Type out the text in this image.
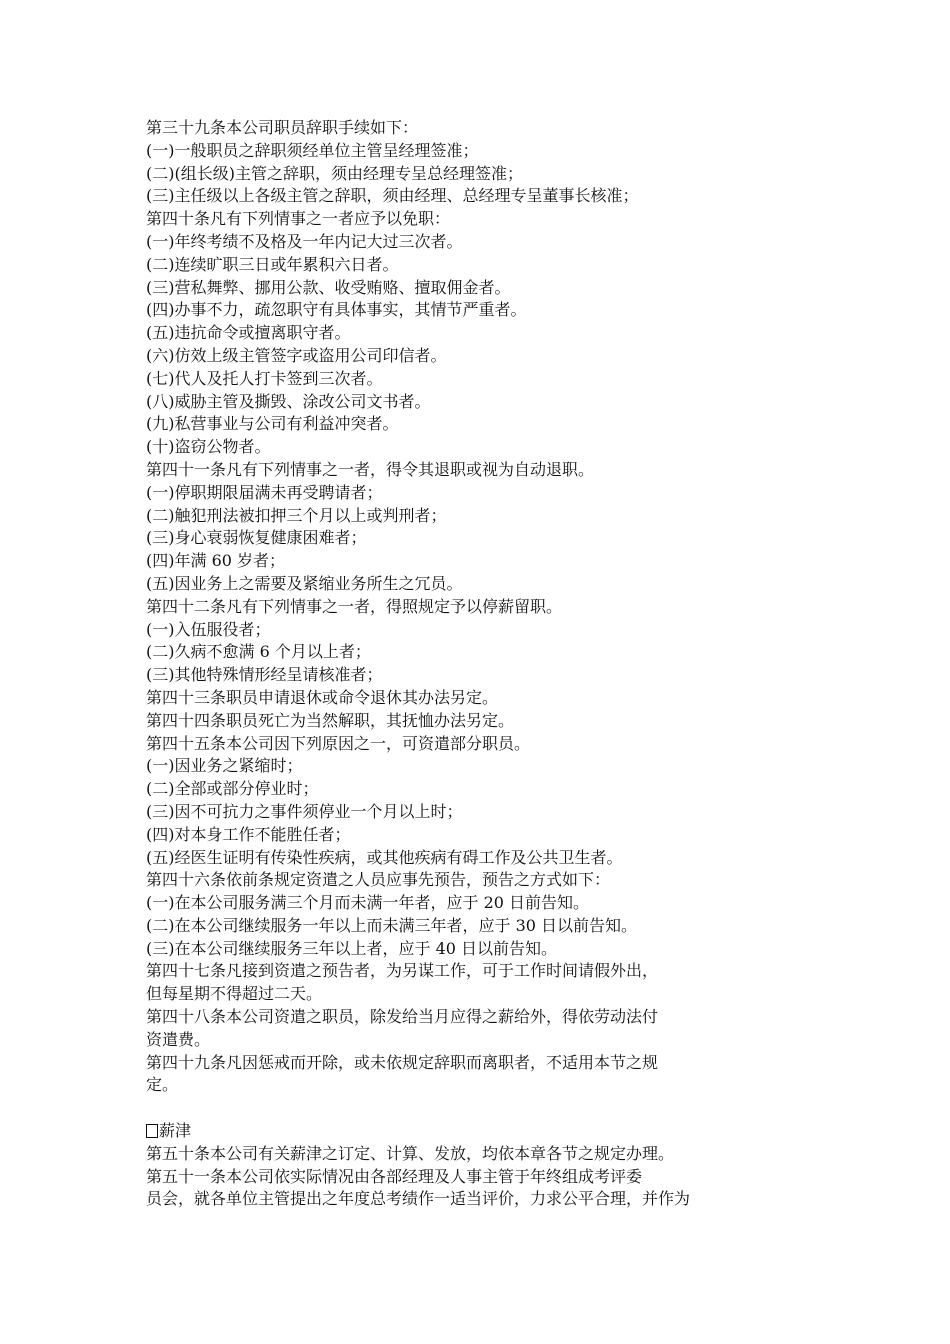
第三十九条本公司职员辞职手续如下：
(一)一般职员之辞职须经单位主管呈经理签准；
(二)(组长级)主管之辞职，须由经理专呈总经理签准；
(三)主任级以上各级主管之辞职，须由经理、总经理专呈董事长核准；
第四十条凡有下列情事之一者应予以免职：
(一)年终考绩不及格及一年内记大过三次者。
(二)连续旷职三日或年累积六日者。
(三)营私舞弊、挪用公款、收受贿赂、擅取佣金者。
(四)办事不力，疏忽职守有具体事实，其情节严重者。
(五)违抗命令或擅离职守者。
(六)仿效上级主管签字或盗用公司印信者。
(七)代人及托人打卡签到三次者。
(八)威胁主管及撕毁、涂改公司文书者。
(九)私营事业与公司有利益冲突者。
(十)盗窃公物者。
第四十一条凡有下列情事之一者，得令其退职或视为自动退职。
(一)停职期限届满未再受聘请者；
(二)触犯刑法被扣押三个月以上或判刑者；
(三)身心衰弱恢复健康困难者；
(四)年满 60 岁者；
(五)因业务上之需要及紧缩业务所生之冗员。
第四十二条凡有下列情事之一者，得照规定予以停薪留职。
(一)入伍服役者；
(二)久病不愈满 6 个月以上者；
(三)其他特殊情形经呈请核准者；
第四十三条职员申请退休或命令退休其办法另定。
第四十四条职员死亡为当然解职，其抚恤办法另定。
第四十五条本公司因下列原因之一，可资遣部分职员。
(一)因业务之紧缩时；
(二)全部或部分停业时；
(三)因不可抗力之事件须停业一个月以上时；
(四)对本身工作不能胜任者；
(五)经医生证明有传染性疾病，或其他疾病有碍工作及公共卫生者。
第四十六条依前条规定资遣之人员应事先预告，预告之方式如下：
(一)在本公司服务满三个月而未满一年者，应于 20 日前告知。
(二)在本公司继续服务一年以上而未满三年者，应于 30 日以前告知。
(三)在本公司继续服务三年以上者，应于 40 日以前告知。
第四十七条凡接到资遣之预告者，为另谋工作，可于工作时间请假外出，
但每星期不得超过二天。
第四十八条本公司资遣之职员，除发给当月应得之薪给外，得依劳动法付
资遣费。
第四十九条凡因惩戒而开除，或未依规定辞职而离职者，不适用本节之规
定。
薪津
第五十条本公司有关薪津之订定、计算、发放，均依本章各节之规定办理。
第五十一条本公司依实际情况由各部经理及人事主管于年终组成考评委
员会，就各单位主管提出之年度总考绩作一适当评价，力求公平合理，并作为
